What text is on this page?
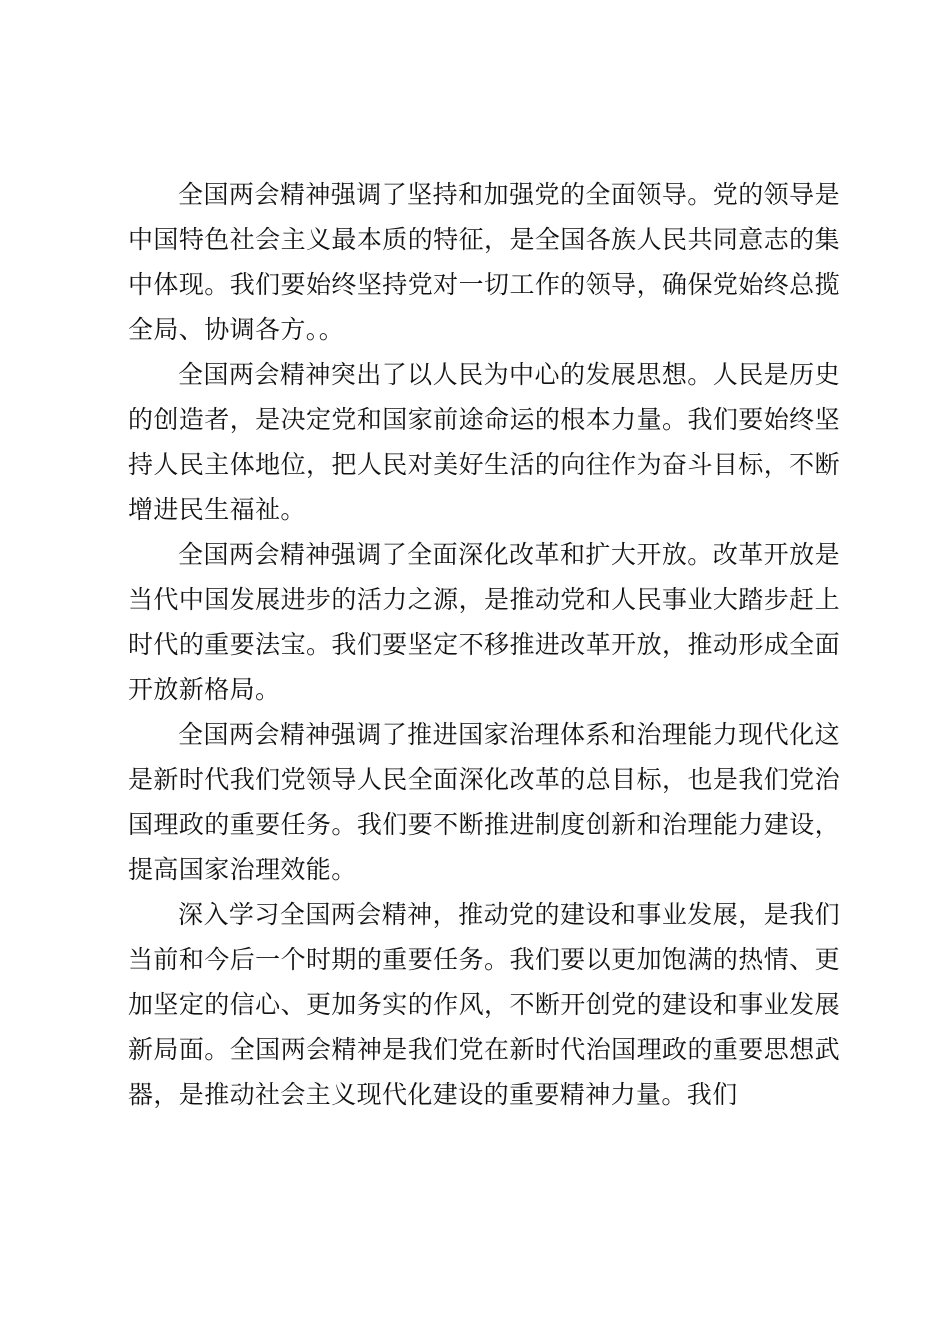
全国两会精神强调了坚持和加强党的全面领导。党的领导是中国特色社会主义最本质的特征，是全国各族人民共同意志的集中体现。我们要始终坚持党对一切工作的领导，确保党始终总揽全局、协调各方。。

全国两会精神突出了以人民为中心的发展思想。人民是历史的创造者，是决定党和国家前途命运的根本力量。我们要始终坚持人民主体地位，把人民对美好生活的向往作为奋斗目标，不断增进民生福祉。

全国两会精神强调了全面深化改革和扩大开放。改革开放是当代中国发展进步的活力之源，是推动党和人民事业大踏步赶上时代的重要法宝。我们要坚定不移推进改革开放，推动形成全面开放新格局。

全国两会精神强调了推进国家治理体系和治理能力现代化这是新时代我们党领导人民全面深化改革的总目标，也是我们党治国理政的重要任务。我们要不断推进制度创新和治理能力建设，提高国家治理效能。

深入学习全国两会精神，推动党的建设和事业发展，是我们当前和今后一个时期的重要任务。我们要以更加饱满的热情、更加坚定的信心、更加务实的作风，不断开创党的建设和事业发展新局面。全国两会精神是我们党在新时代治国理政的重要思想武器，是推动社会主义现代化建设的重要精神力量。我们
